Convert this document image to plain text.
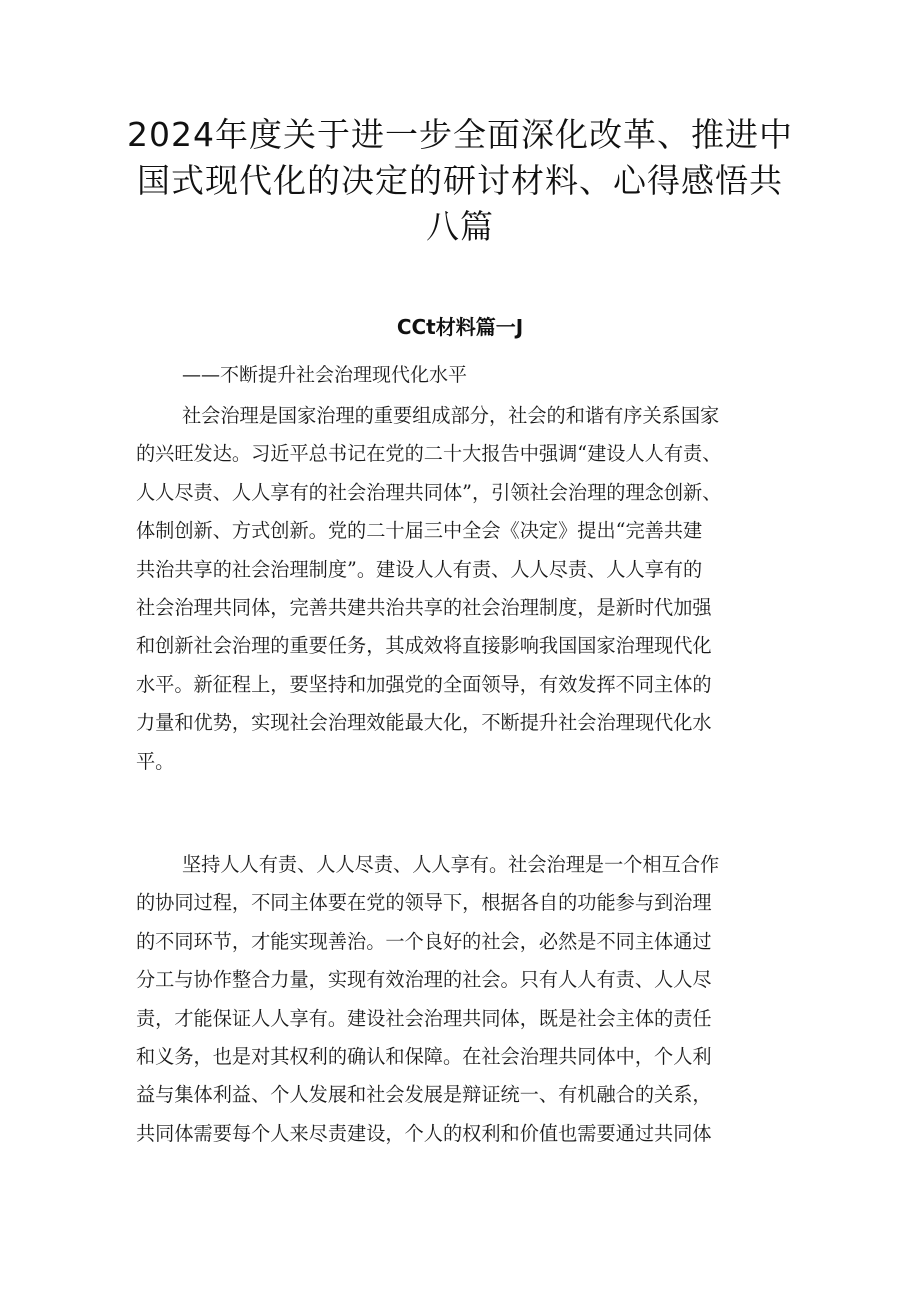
2024年度关于进一步全面深化改革、推进中
国式现代化的决定的研讨材料、心得感悟共
八篇
CCt材料篇一J
——不断提升社会治理现代化水平
社会治理是国家治理的重要组成部分，社会的和谐有序关系国家
的兴旺发达。习近平总书记在党的二十大报告中强调“建设人人有责、
人人尽责、人人享有的社会治理共同体”，引领社会治理的理念创新、
体制创新、方式创新。党的二十届三中全会《决定》提出“完善共建
共治共享的社会治理制度”。建设人人有责、人人尽责、人人享有的
社会治理共同体，完善共建共治共享的社会治理制度，是新时代加强
和创新社会治理的重要任务，其成效将直接影响我国国家治理现代化
水平。新征程上，要坚持和加强党的全面领导，有效发挥不同主体的
力量和优势，实现社会治理效能最大化，不断提升社会治理现代化水
平。
坚持人人有责、人人尽责、人人享有。社会治理是一个相互合作
的协同过程，不同主体要在党的领导下，根据各自的功能参与到治理
的不同环节，才能实现善治。一个良好的社会，必然是不同主体通过
分工与协作整合力量，实现有效治理的社会。只有人人有责、人人尽
责，才能保证人人享有。建设社会治理共同体，既是社会主体的责任
和义务，也是对其权利的确认和保障。在社会治理共同体中，个人利
益与集体利益、个人发展和社会发展是辩证统一、有机融合的关系，
共同体需要每个人来尽责建设，个人的权利和价值也需要通过共同体
